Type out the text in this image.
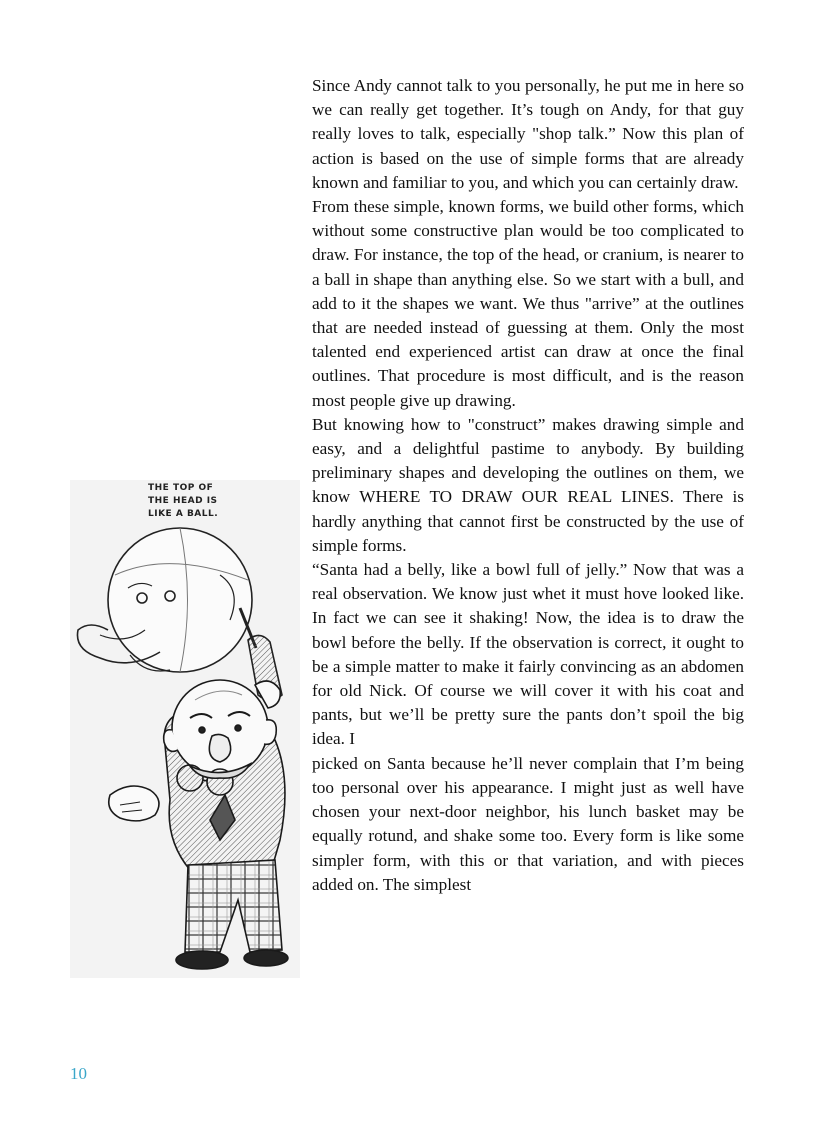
Since Andy cannot talk to you personally, he put me in here so we can really get together. It’s tough on Andy, for that guy really loves to talk, especially "shop talk.” Now this plan of action is based on the use of simple forms that are already known and familiar to you, and which you can certainly draw.

From these simple, known forms, we build other forms, which without some constructive plan would be too complicated to draw. For instance, the top of the head, or cranium, is nearer to a ball in shape than anything else. So we start with a bull, and add to it the shapes we want. We thus "arrive” at the outlines that are needed instead of guessing at them. Only the most talented end experienced artist can draw at once the final outlines. That procedure is most difficult, and is the reason most people give up drawing.

But knowing how to "construct” makes drawing simple and easy, and a delightful pastime to anybody. By building preliminary shapes and developing the outlines on them, we know WHERE TO DRAW OUR REAL LINES. There is hardly anything that cannot first be constructed by the use of simple forms.

“Santa had a belly, like a bowl full of jelly.” Now that was a real observation. We know just whet it must hove looked like. In fact we can see it shaking! Now, the idea is to draw the bowl before the belly. If the observation is correct, it ought to be a simple matter to make it fairly convincing as an abdomen for old Nick. Of course we will cover it with his coat and pants, but we’ll be pretty sure the pants don’t spoil the big idea. I

picked on Santa because he’ll never complain that I’m being too personal over his appearance. I might just as well have chosen your next-door neighbor, his lunch basket may be equally rotund, and shake some too. Every form is like some simpler form, with this or that variation, and with pieces added on. The simplest

THE TOP OF
THE HEAD IS
LIKE A BALL.
10
